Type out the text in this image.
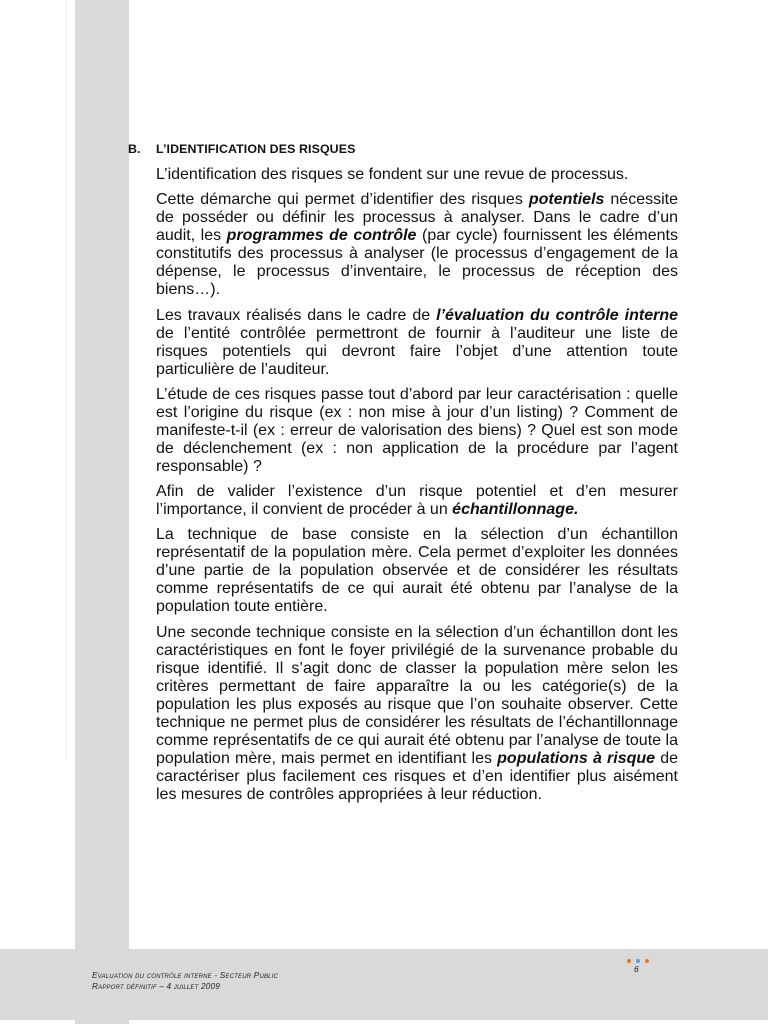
B. L’IDENTIFICATION DES RISQUES

L’identification des risques se fondent sur une revue de processus.

Cette démarche qui permet d’identifier des risques potentiels nécessite de posséder ou définir les processus à analyser. Dans le cadre d’un audit, les programmes de contrôle (par cycle) fournissent les éléments constitutifs des processus à analyser (le processus d’engagement de la dépense, le processus d’inventaire, le processus de réception des biens…).

Les travaux réalisés dans le cadre de l’évaluation du contrôle interne de l’entité contrôlée permettront de fournir à l’auditeur une liste de risques potentiels qui devront faire l’objet d’une attention toute particulière de l’auditeur.

L’étude de ces risques passe tout d’abord par leur caractérisation : quelle est l’origine du risque (ex : non mise à jour d’un listing) ? Comment de manifeste-t-il (ex : erreur de valorisation des biens) ? Quel est son mode de déclenchement (ex : non application de la procédure par l’agent responsable) ?

Afin de valider l’existence d’un risque potentiel et d’en mesurer l’importance, il convient de procéder à un échantillonnage.

La technique de base consiste en la sélection d’un échantillon représentatif de la population mère. Cela permet d’exploiter les données d’une partie de la population observée et de considérer les résultats comme représentatifs de ce qui aurait été obtenu par l’analyse de la population toute entière.

Une seconde technique consiste en la sélection d’un échantillon dont les caractéristiques en font le foyer privilégié de la survenance probable du risque identifié. Il s’agit donc de classer la population mère selon les critères permettant de faire apparaître la ou les catégorie(s) de la population les plus exposés au risque que l’on souhaite observer. Cette technique ne permet plus de considérer les résultats de l’échantillonnage comme représentatifs de ce qui aurait été obtenu par l’analyse de toute la population mère, mais permet en identifiant les populations à risque de caractériser plus facilement ces risques et d’en identifier plus aisément les mesures de contrôles appropriées à leur réduction.

6
Evaluation du contrôle interne - Secteur Public
Rapport définitif – 4 juillet 2009
